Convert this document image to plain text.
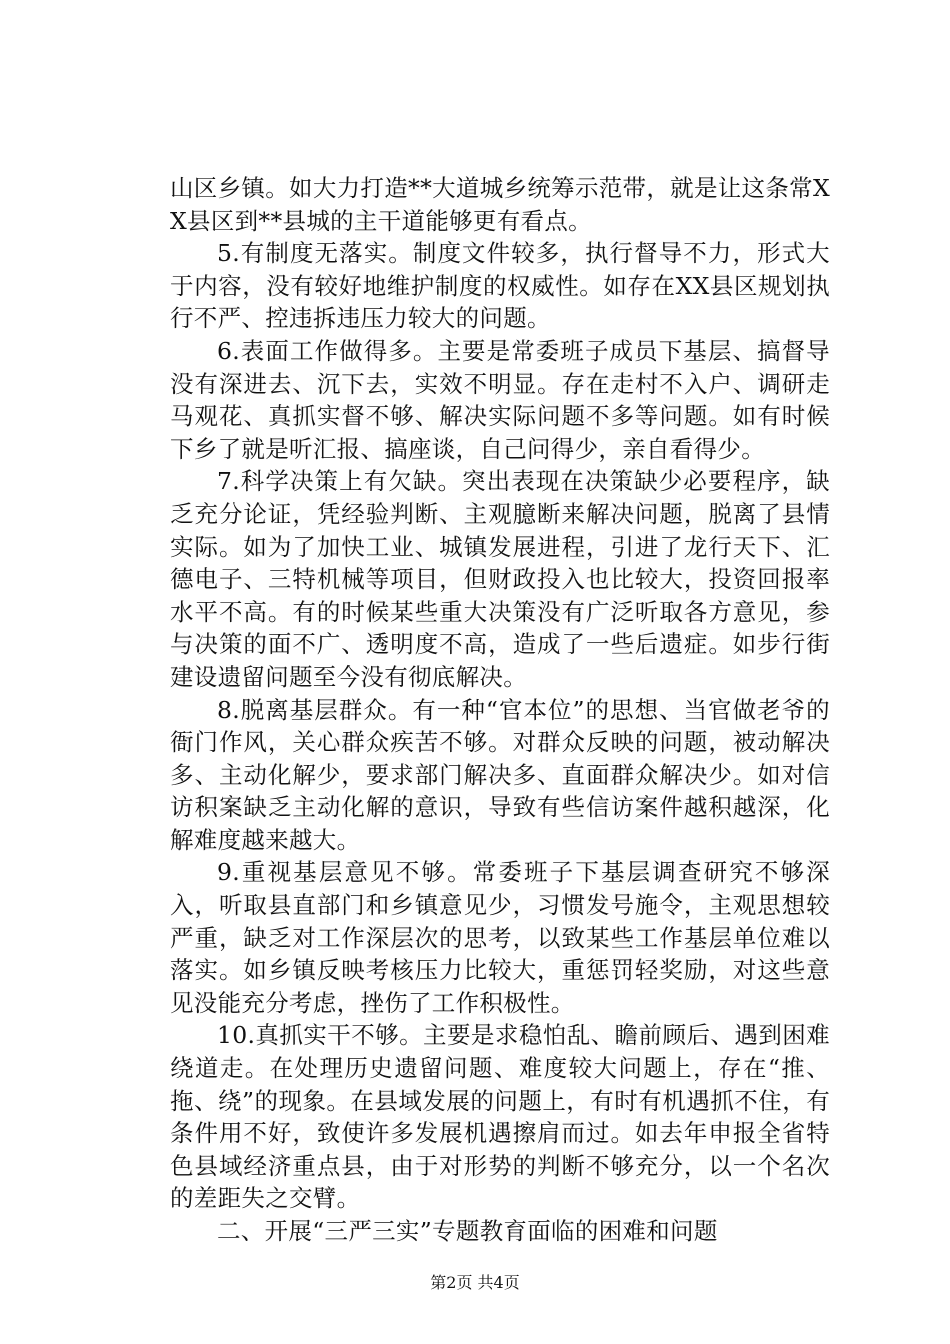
山区乡镇。如大力打造**大道城乡统筹示范带，就是让这条常XX县区到**县城的主干道能够更有看点。

5.有制度无落实。制度文件较多，执行督导不力，形式大于内容，没有较好地维护制度的权威性。如存在XX县区规划执行不严、控违拆违压力较大的问题。

6.表面工作做得多。主要是常委班子成员下基层、搞督导没有深进去、沉下去，实效不明显。存在走村不入户、调研走马观花、真抓实督不够、解决实际问题不多等问题。如有时候下乡了就是听汇报、搞座谈，自己问得少，亲自看得少。

7.科学决策上有欠缺。突出表现在决策缺少必要程序，缺乏充分论证，凭经验判断、主观臆断来解决问题，脱离了县情实际。如为了加快工业、城镇发展进程，引进了龙行天下、汇德电子、三特机械等项目，但财政投入也比较大，投资回报率水平不高。有的时候某些重大决策没有广泛听取各方意见，参与决策的面不广、透明度不高，造成了一些后遗症。如步行街建设遗留问题至今没有彻底解决。

8.脱离基层群众。有一种“官本位”的思想、当官做老爷的衙门作风，关心群众疾苦不够。对群众反映的问题，被动解决多、主动化解少，要求部门解决多、直面群众解决少。如对信访积案缺乏主动化解的意识，导致有些信访案件越积越深，化解难度越来越大。

9.重视基层意见不够。常委班子下基层调查研究不够深入，听取县直部门和乡镇意见少，习惯发号施令，主观思想较严重，缺乏对工作深层次的思考，以致某些工作基层单位难以落实。如乡镇反映考核压力比较大，重惩罚轻奖励，对这些意见没能充分考虑，挫伤了工作积极性。

10.真抓实干不够。主要是求稳怕乱、瞻前顾后、遇到困难绕道走。在处理历史遗留问题、难度较大问题上，存在“推、拖、绕”的现象。在县域发展的问题上，有时有机遇抓不住，有条件用不好，致使许多发展机遇擦肩而过。如去年申报全省特色县域经济重点县，由于对形势的判断不够充分，以一个名次的差距失之交臂。

二、开展“三严三实”专题教育面临的困难和问题

第2页 共4页
